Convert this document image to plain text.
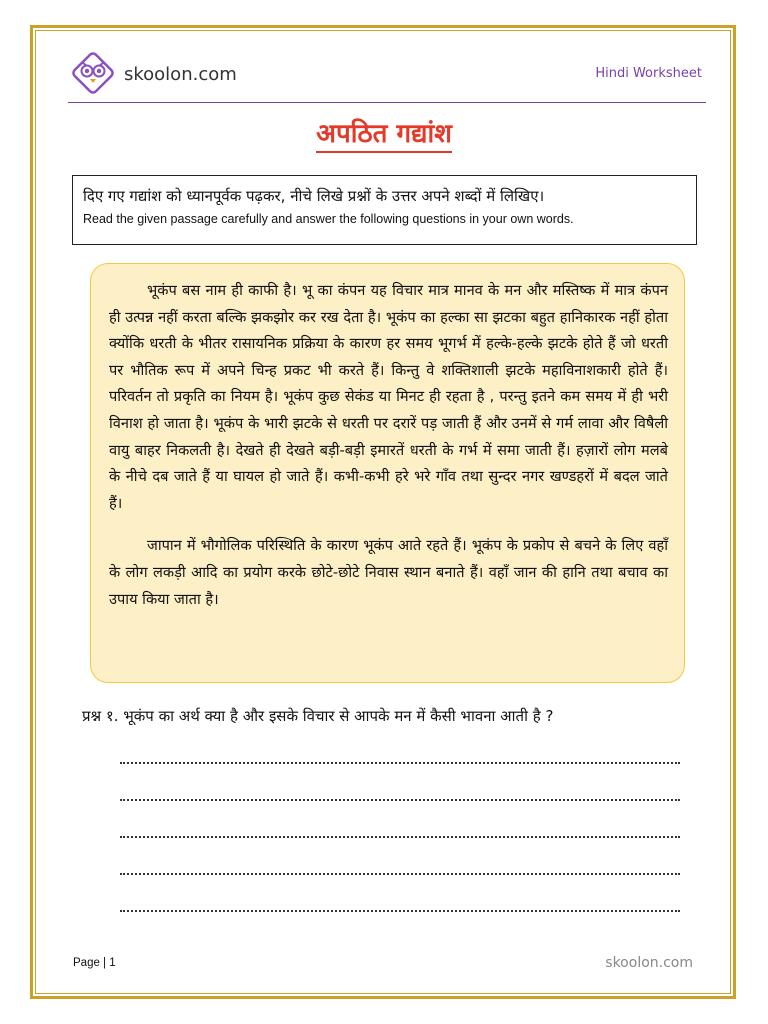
skoolon.com	Hindi Worksheet
अपठित गद्यांश
दिए गए गद्यांश को ध्यानपूर्वक पढ़कर, नीचे लिखे प्रश्नों के उत्तर अपने शब्दों में लिखिए।
Read the given passage carefully and answer the following questions in your own words.

भूकंप बस नाम ही काफी है। भू का कंपन यह विचार मात्र मानव के मन और मस्तिष्क में मात्र कंपन ही उत्पन्न नहीं करता बल्कि झकझोर कर रख देता है। भूकंप का हल्का सा झटका बहुत हानिकारक नहीं होता क्योंकि धरती के भीतर रासायनिक प्रक्रिया के कारण हर समय भूगर्भ में हल्के-हल्के झटके होते हैं जो धरती पर भौतिक रूप में अपने चिन्ह प्रकट भी करते हैं। किन्तु वे शक्तिशाली झटके महाविनाशकारी होते हैं। परिवर्तन तो प्रकृति का नियम है। भूकंप कुछ सेकंड या मिनट ही रहता है , परन्तु इतने कम समय में ही भरी विनाश हो जाता है। भूकंप के भारी झटके से धरती पर दरारें पड़ जाती हैं और उनमें से गर्म लावा और विषैली वायु बाहर निकलती है। देखते ही देखते बड़ी-बड़ी इमारतें धरती के गर्भ में समा जाती हैं। हज़ारों लोग मलबे के नीचे दब जाते हैं या घायल हो जाते हैं। कभी-कभी हरे भरे गाँव तथा सुन्दर नगर खण्डहरों में बदल जाते हैं।

जापान में भौगोलिक परिस्थिति के कारण भूकंप आते रहते हैं। भूकंप के प्रकोप से बचने के लिए वहाँ के लोग लकड़ी आदि का प्रयोग करके छोटे-छोटे निवास स्थान बनाते हैं। वहाँ जान की हानि तथा बचाव का उपाय किया जाता है।

प्रश्न १. भूकंप का अर्थ क्या है और इसके विचार से आपके मन में कैसी भावना आती है ?
Page | 1	skoolon.com
